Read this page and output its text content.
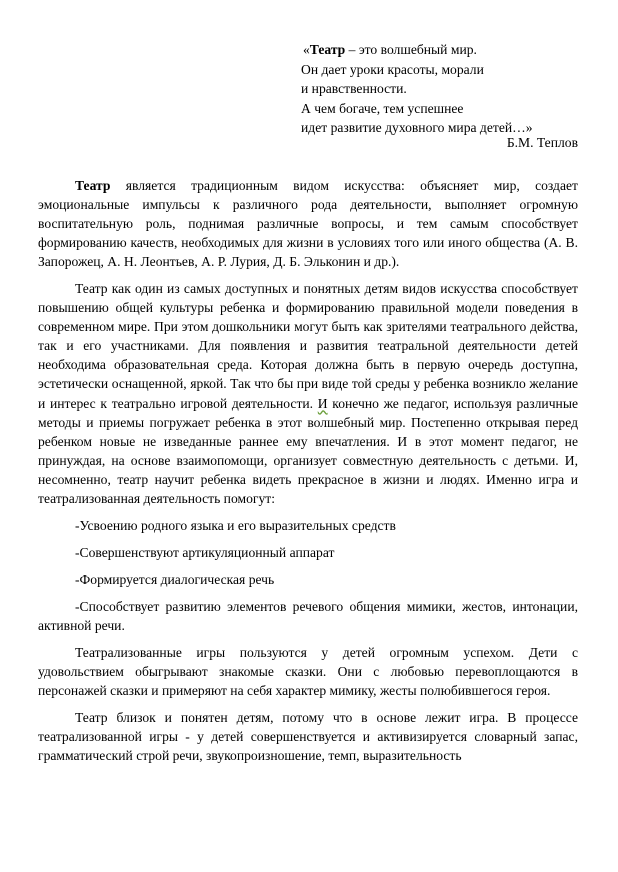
«Театр – это волшебный мир.
Он дает уроки красоты, морали
и нравственности.
А чем богаче, тем успешнее
идет развитие духовного мира детей…»
Б.М. Теплов

Театр является традиционным видом искусства: объясняет мир, создает эмоциональные импульсы к различного рода деятельности, выполняет огромную воспитательную роль, поднимая различные вопросы, и тем самым способствует формированию качеств, необходимых для жизни в условиях того или иного общества (А. В. Запорожец, А. Н. Леонтьев, А. Р. Лурия, Д. Б. Эльконин и др.).

Театр как один из самых доступных и понятных детям видов искусства способствует повышению общей культуры ребенка и формированию правильной модели поведения в современном мире. При этом дошкольники могут быть как зрителями театрального действа, так и его участниками. Для появления и развития театральной деятельности детей необходима образовательная среда. Которая должна быть в первую очередь доступна, эстетически оснащенной, яркой. Так что бы при виде той среды у ребенка возникло желание и интерес к театрально игровой деятельности. И конечно же педагог, используя различные методы и приемы погружает ребенка в этот волшебный мир. Постепенно открывая перед ребенком новые не изведанные раннее ему впечатления. И в этот момент педагог, не принуждая, на основе взаимопомощи, организует совместную деятельность с детьми. И, несомненно, театр научит ребенка видеть прекрасное в жизни и людях. Именно игра и театрализованная деятельность помогут:

-Усвоению родного языка и его выразительных средств

-Совершенствуют артикуляционный аппарат

-Формируется диалогическая речь

-Способствует развитию элементов речевого общения мимики, жестов, интонации, активной речи.

Театрализованные игры пользуются у детей огромным успехом. Дети с удовольствием обыгрывают знакомые сказки. Они с любовью перевоплощаются в персонажей сказки и примеряют на себя характер мимику, жесты полюбившегося героя.

Театр близок и понятен детям, потому что в основе лежит игра. В процессе театрализованной игры - у детей совершенствуется и активизируется словарный запас, грамматический строй речи, звукопроизношение, темп, выразительность
